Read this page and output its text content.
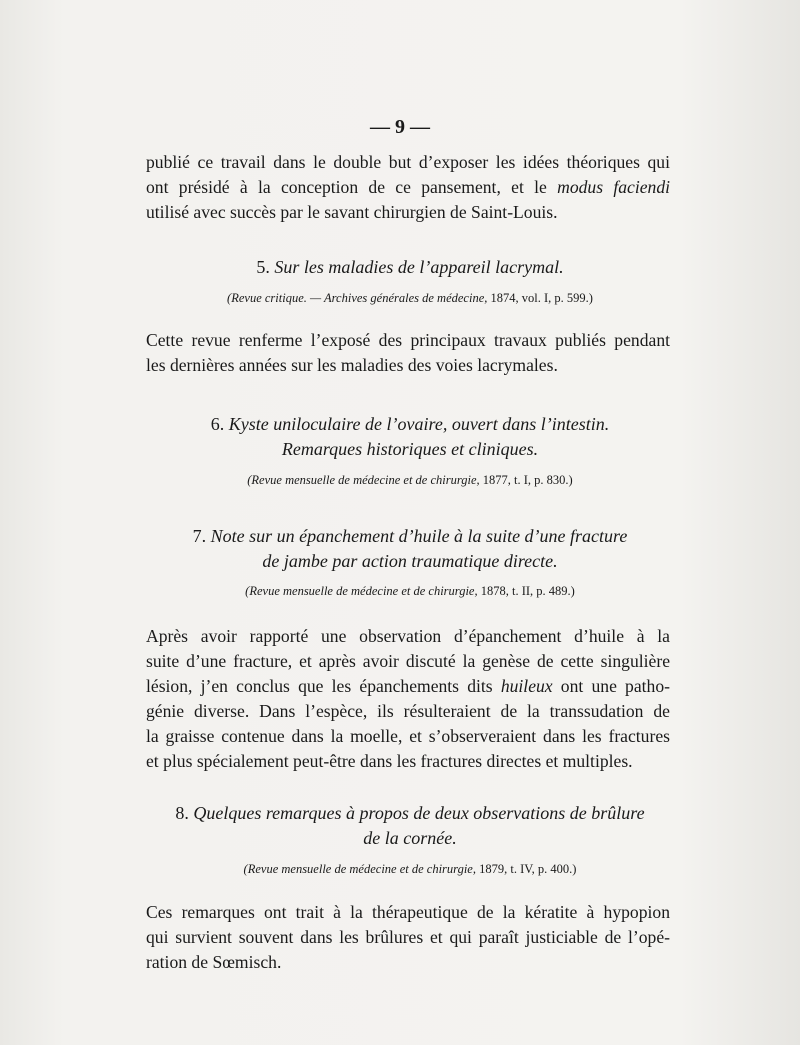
— 9 —
publié ce travail dans le double but d’exposer les idées théoriques qui
ont présidé à la conception de ce pansement, et le modus faciendi
utilisé avec succès par le savant chirurgien de Saint-Louis.
5. Sur les maladies de l’appareil lacrymal.
(Revue critique. — Archives générales de médecine, 1874, vol. I, p. 599.)
Cette revue renferme l’exposé des principaux travaux publiés pendant
les dernières années sur les maladies des voies lacrymales.
6. Kyste uniloculaire de l’ovaire, ouvert dans l’intestin.
Remarques historiques et cliniques.
(Revue mensuelle de médecine et de chirurgie, 1877, t. I, p. 830.)
7. Note sur un épanchement d’huile à la suite d’une fracture
de jambe par action traumatique directe.
(Revue mensuelle de médecine et de chirurgie, 1878, t. II, p. 489.)
Après avoir rapporté une observation d’épanchement d’huile à la
suite d’une fracture, et après avoir discuté la genèse de cette singulière
lésion, j’en conclus que les épanchements dits huileux ont une patho-
génie diverse. Dans l’espèce, ils résulteraient de la transsudation de
la graisse contenue dans la moelle, et s’observeraient dans les fractures
et plus spécialement peut-être dans les fractures directes et multiples.
8. Quelques remarques à propos de deux observations de brûlure
de la cornée.
(Revue mensuelle de médecine et de chirurgie, 1879, t. IV, p. 400.)
Ces remarques ont trait à la thérapeutique de la kératite à hypopion
qui survient souvent dans les brûlures et qui paraît justiciable de l’opé-
ration de Sœmisch.
